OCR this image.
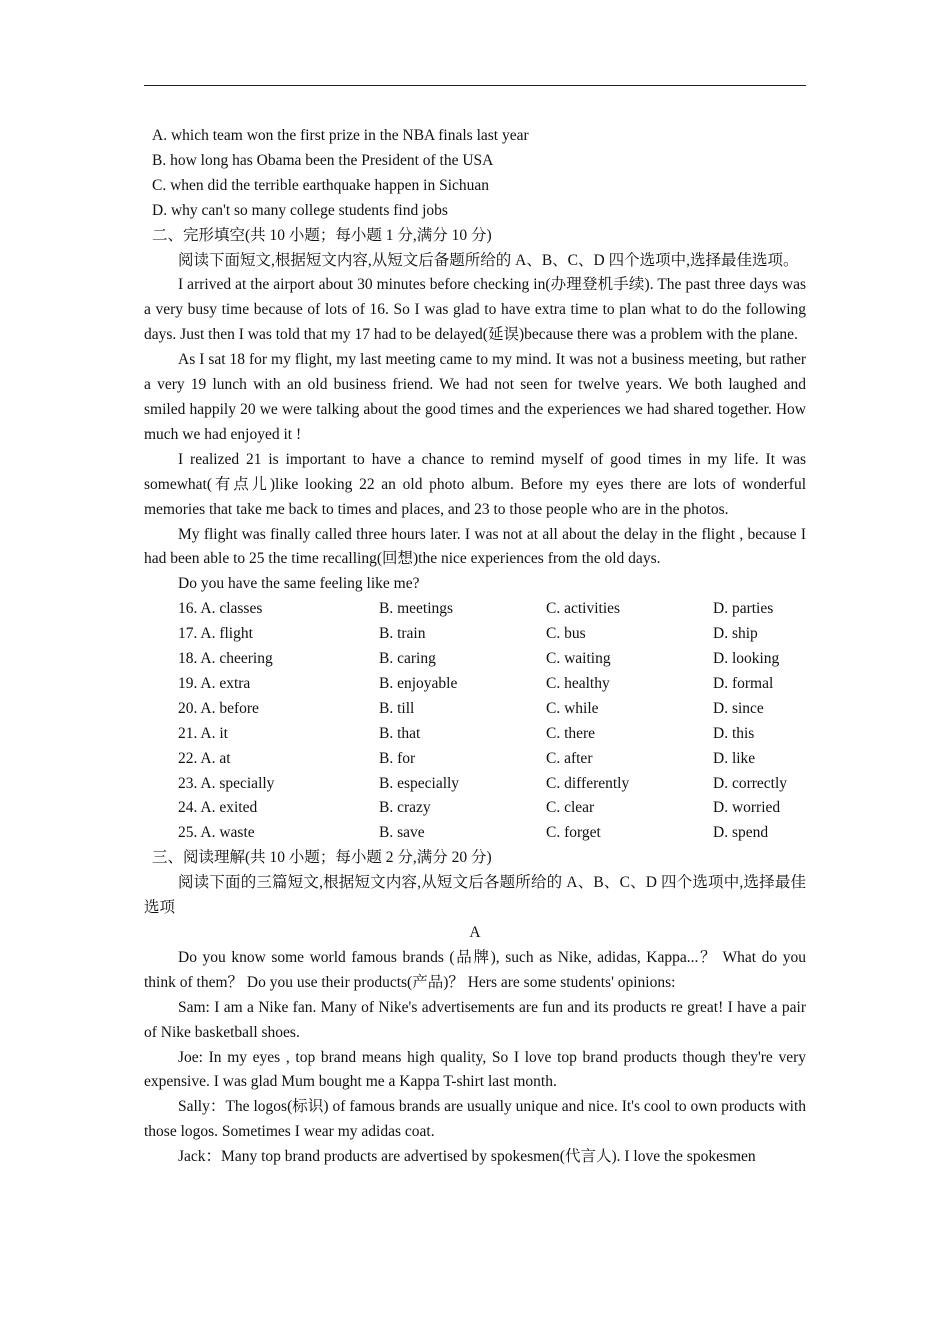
A. which team won the first prize in the NBA finals last year
B. how long has Obama been the President of the USA
C. when did the terrible earthquake happen in Sichuan
D. why can't so many college students find jobs
二、完形填空(共 10 小题；每小题 1 分,满分 10 分)
阅读下面短文,根据短文内容,从短文后备题所给的 A、B、C、D 四个选项中,选择最佳选项。
I arrived at the airport about 30 minutes before checking in(办理登机手续). The past three days was a very busy time because of lots of 16. So I was glad to have extra time to plan what to do the following days. Just then I was told that my 17 had to be delayed(延误)because there was a problem with the plane.
As I sat 18 for my flight, my last meeting came to my mind. It was not a business meeting, but rather a very 19 lunch with an old business friend. We had not seen for twelve years. We both laughed and smiled happily 20 we were talking about the good times and the experiences we had shared together. How much we had enjoyed it !
I realized 21 is important to have a chance to remind myself of good times in my life. It was somewhat(有点儿)like looking 22 an old photo album. Before my eyes there are lots of wonderful memories that take me back to times and places, and 23 to those people who are in the photos.
My flight was finally called three hours later. I was not at all about the delay in the flight , because I had been able to 25 the time recalling(回想)the nice experiences from the old days.
Do you have the same feeling like me?
16. A. classes	B. meetings	C. activities	D. parties
17. A. flight	B. train	C. bus	D. ship
18. A. cheering	B. caring	C. waiting	D. looking
19. A. extra	B. enjoyable	C. healthy	D. formal
20. A. before	B. till	C. while	D. since
21. A. it	B. that	C. there	D. this
22. A. at	B. for	C. after	D. like
23. A. specially	B. especially	C. differently	D. correctly
24. A. exited	B. crazy	C. clear	D. worried
25. A. waste	B. save	C. forget	D. spend
三、阅读理解(共 10 小题；每小题 2 分,满分 20 分)
阅读下面的三篇短文,根据短文内容,从短文后各题所给的 A、B、C、D 四个选项中,选择最佳选项
A
Do you know some world famous brands (品牌), such as Nike, adidas, Kappa...？ What do you think of them？ Do you use their products(产品)？ Hers are some students' opinions:
Sam: I am a Nike fan. Many of Nike's advertisements are fun and its products re great! I have a pair of Nike basketball shoes.
Joe: In my eyes , top brand means high quality, So I love top brand products though they're very expensive. I was glad Mum bought me a Kappa T-shirt last month.
Sally：The logos(标识) of famous brands are usually unique and nice. It's cool to own products with those logos. Sometimes I wear my adidas coat.
Jack：Many top brand products are advertised by spokesmen(代言人). I love the spokesmen
